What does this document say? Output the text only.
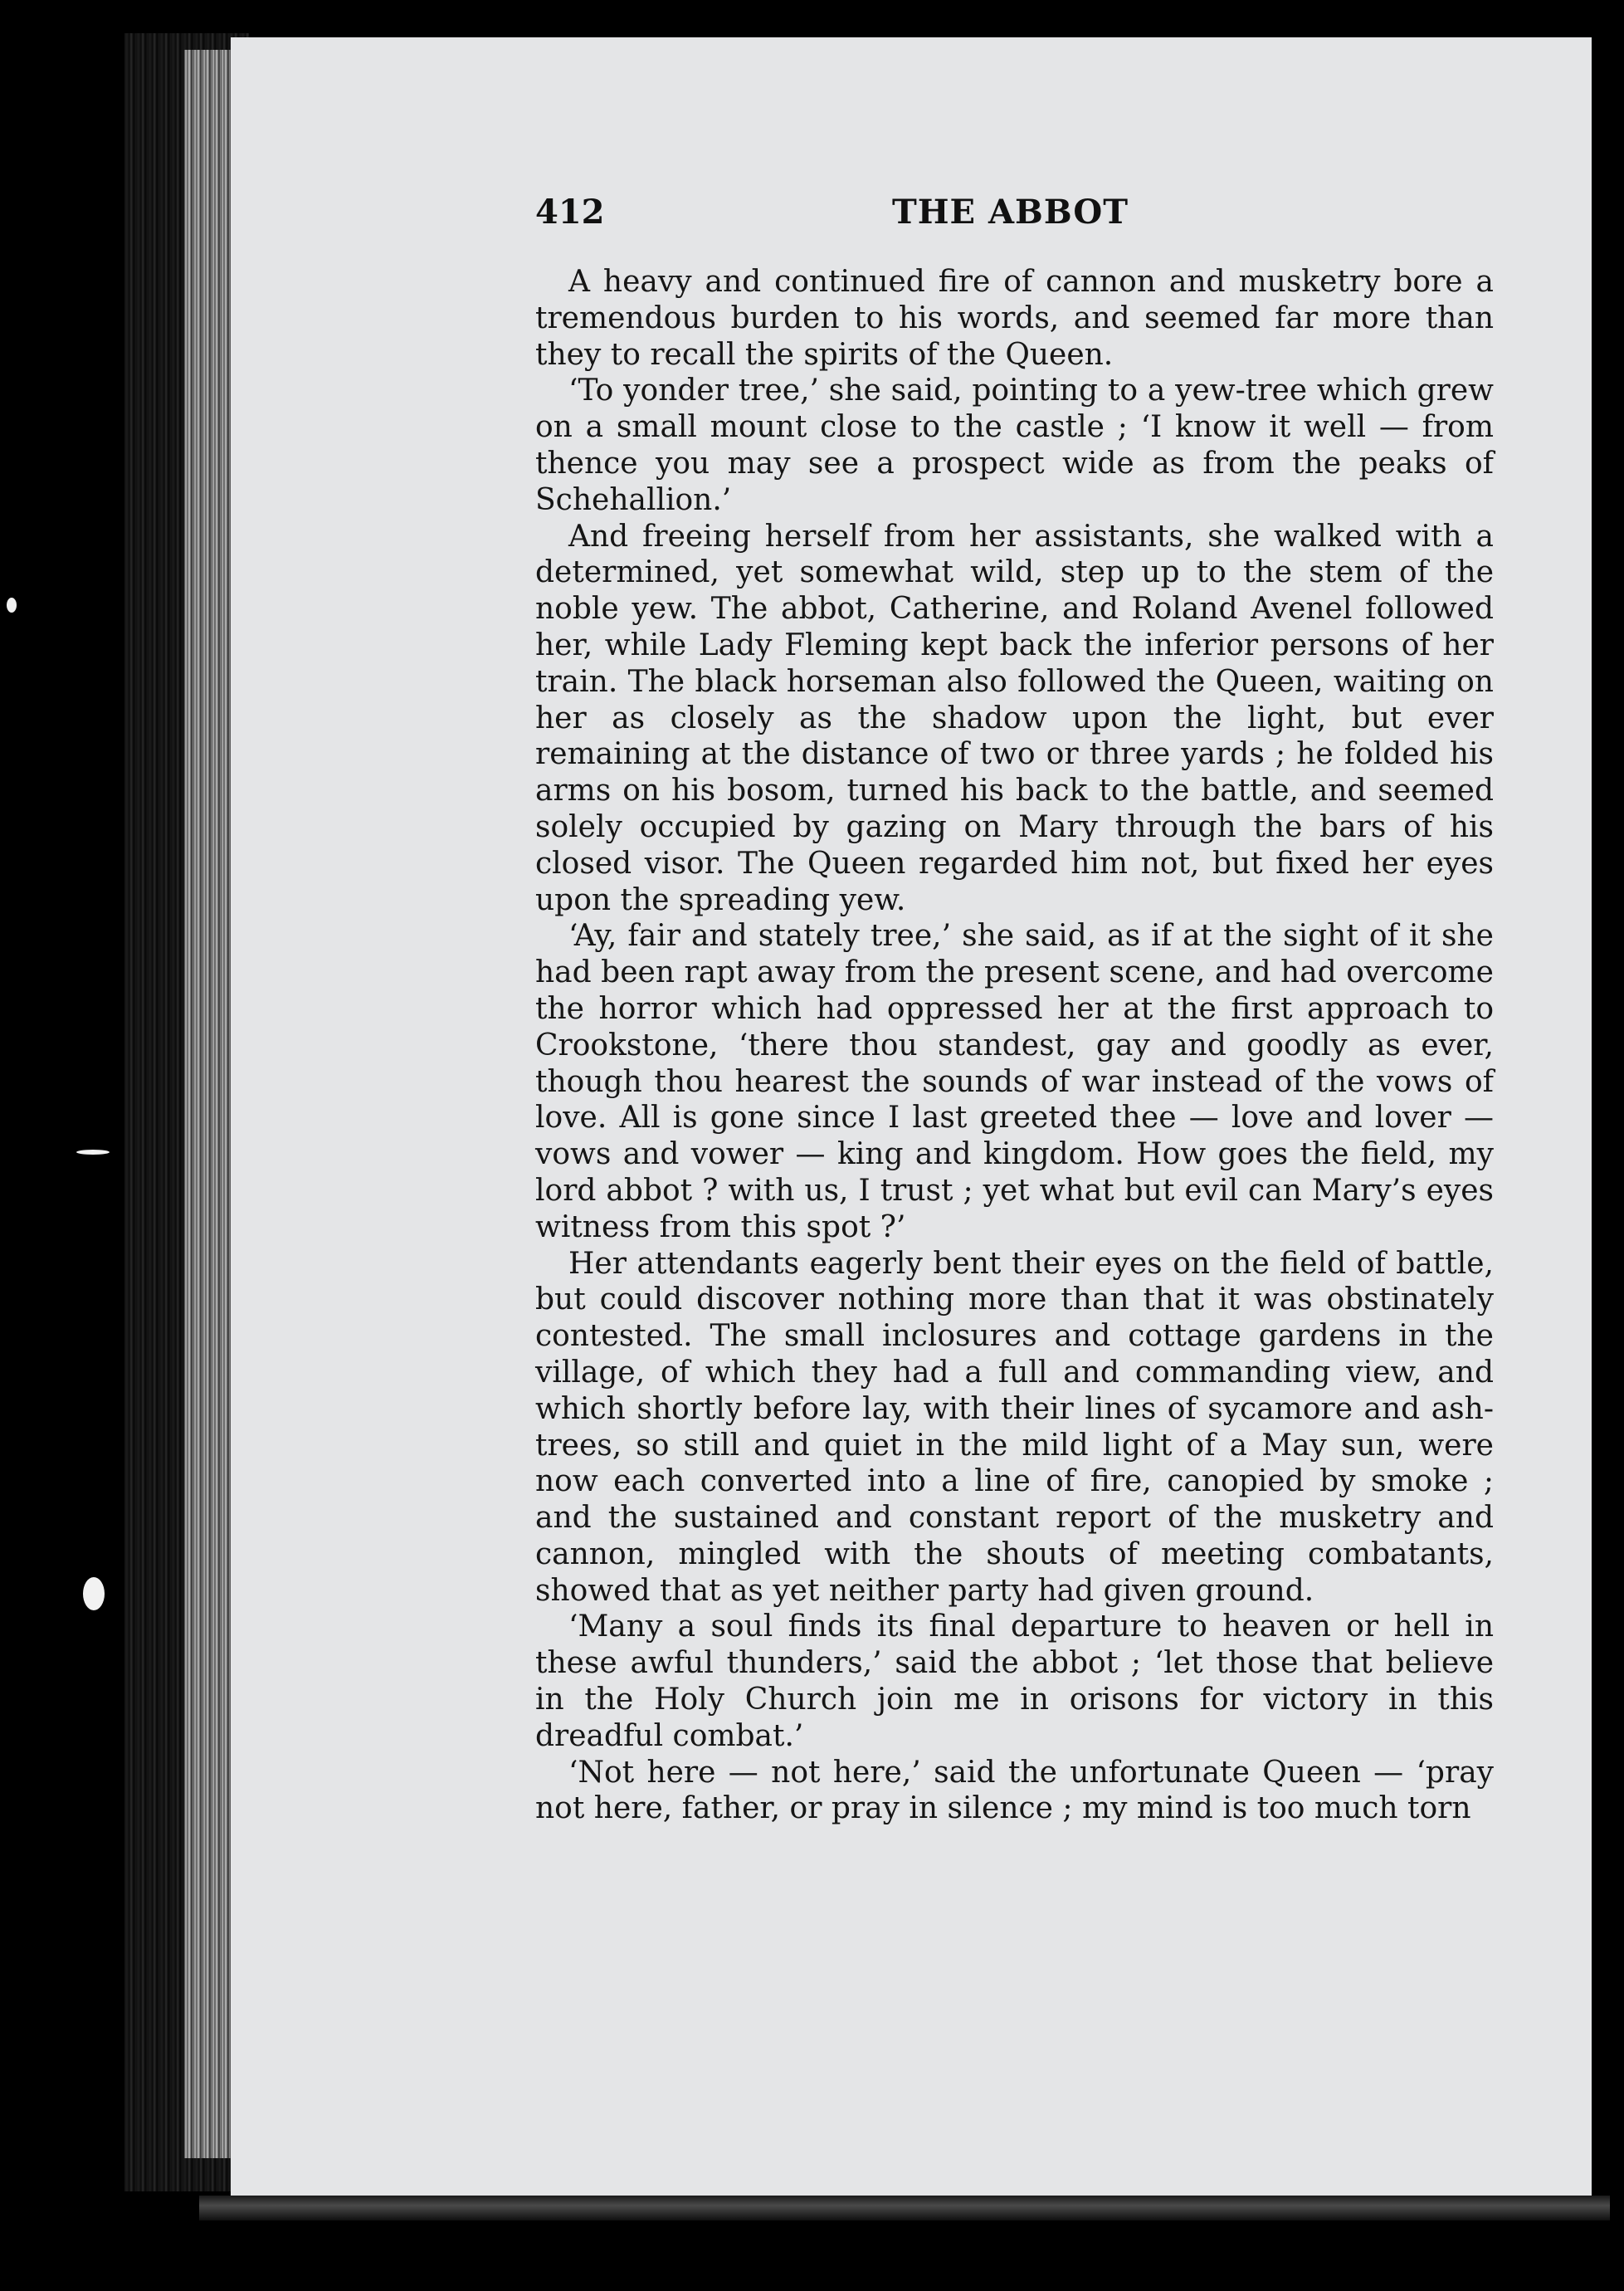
412	THE ABBOT

A heavy and continued fire of cannon and musketry bore a tremendous burden to his words, and seemed far more than they to recall the spirits of the Queen.

‘To yonder tree,’ she said, pointing to a yew-tree which grew on a small mount close to the castle ; ‘I know it well — from thence you may see a prospect wide as from the peaks of Schehallion.’

And freeing herself from her assistants, she walked with a determined, yet somewhat wild, step up to the stem of the noble yew. The abbot, Catherine, and Roland Avenel followed her, while Lady Fleming kept back the inferior persons of her train. The black horseman also followed the Queen, waiting on her as closely as the shadow upon the light, but ever remaining at the distance of two or three yards ; he folded his arms on his bosom, turned his back to the battle, and seemed solely occupied by gazing on Mary through the bars of his closed visor. The Queen regarded him not, but fixed her eyes upon the spreading yew.

‘Ay, fair and stately tree,’ she said, as if at the sight of it she had been rapt away from the present scene, and had overcome the horror which had oppressed her at the first approach to Crookstone, ‘there thou standest, gay and goodly as ever, though thou hearest the sounds of war instead of the vows of love. All is gone since I last greeted thee — love and lover — vows and vower — king and kingdom. How goes the field, my lord abbot ? with us, I trust ; yet what but evil can Mary’s eyes witness from this spot ?’

Her attendants eagerly bent their eyes on the field of battle, but could discover nothing more than that it was obstinately contested. The small inclosures and cottage gardens in the village, of which they had a full and commanding view, and which shortly before lay, with their lines of sycamore and ash-trees, so still and quiet in the mild light of a May sun, were now each converted into a line of fire, canopied by smoke ; and the sustained and constant report of the musketry and cannon, mingled with the shouts of meeting combatants, showed that as yet neither party had given ground.

‘Many a soul finds its final departure to heaven or hell in these awful thunders,’ said the abbot ; ‘let those that believe in the Holy Church join me in orisons for victory in this dreadful combat.’

‘Not here — not here,’ said the unfortunate Queen — ‘pray not here, father, or pray in silence ; my mind is too much torn
